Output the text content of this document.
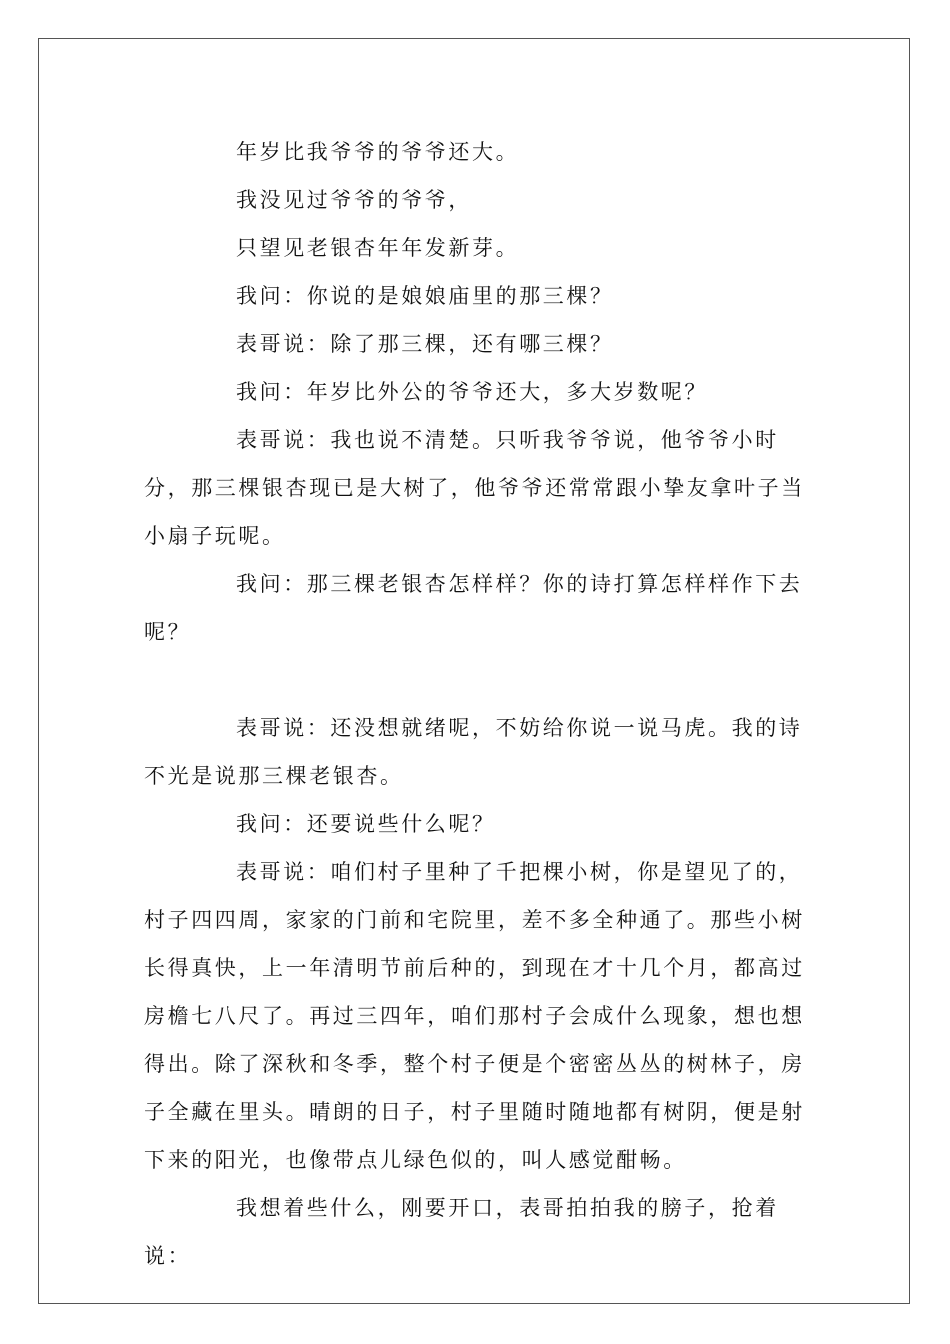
年岁比我爷爷的爷爷还大。

我没见过爷爷的爷爷，

只望见老银杏年年发新芽。

我问：你说的是娘娘庙里的那三棵？

表哥说：除了那三棵，还有哪三棵？

我问：年岁比外公的爷爷还大，多大岁数呢？

表哥说：我也说不清楚。只听我爷爷说，他爷爷小时分，那三棵银杏现已是大树了，他爷爷还常常跟小挚友拿叶子当小扇子玩呢。

我问：那三棵老银杏怎样样？你的诗打算怎样样作下去呢？

表哥说：还没想就绪呢，不妨给你说一说马虎。我的诗不光是说那三棵老银杏。

我问：还要说些什么呢？

表哥说：咱们村子里种了千把棵小树，你是望见了的，村子四四周，家家的门前和宅院里，差不多全种通了。那些小树长得真快，上一年清明节前后种的，到现在才十几个月，都高过房檐七八尺了。再过三四年，咱们那村子会成什么现象，想也想得出。除了深秋和冬季，整个村子便是个密密丛丛的树林子，房子全藏在里头。晴朗的日子，村子里随时随地都有树阴，便是射下来的阳光，也像带点儿绿色似的，叫人感觉酣畅。

我想着些什么，刚要开口，表哥拍拍我的膀子，抢着说：
